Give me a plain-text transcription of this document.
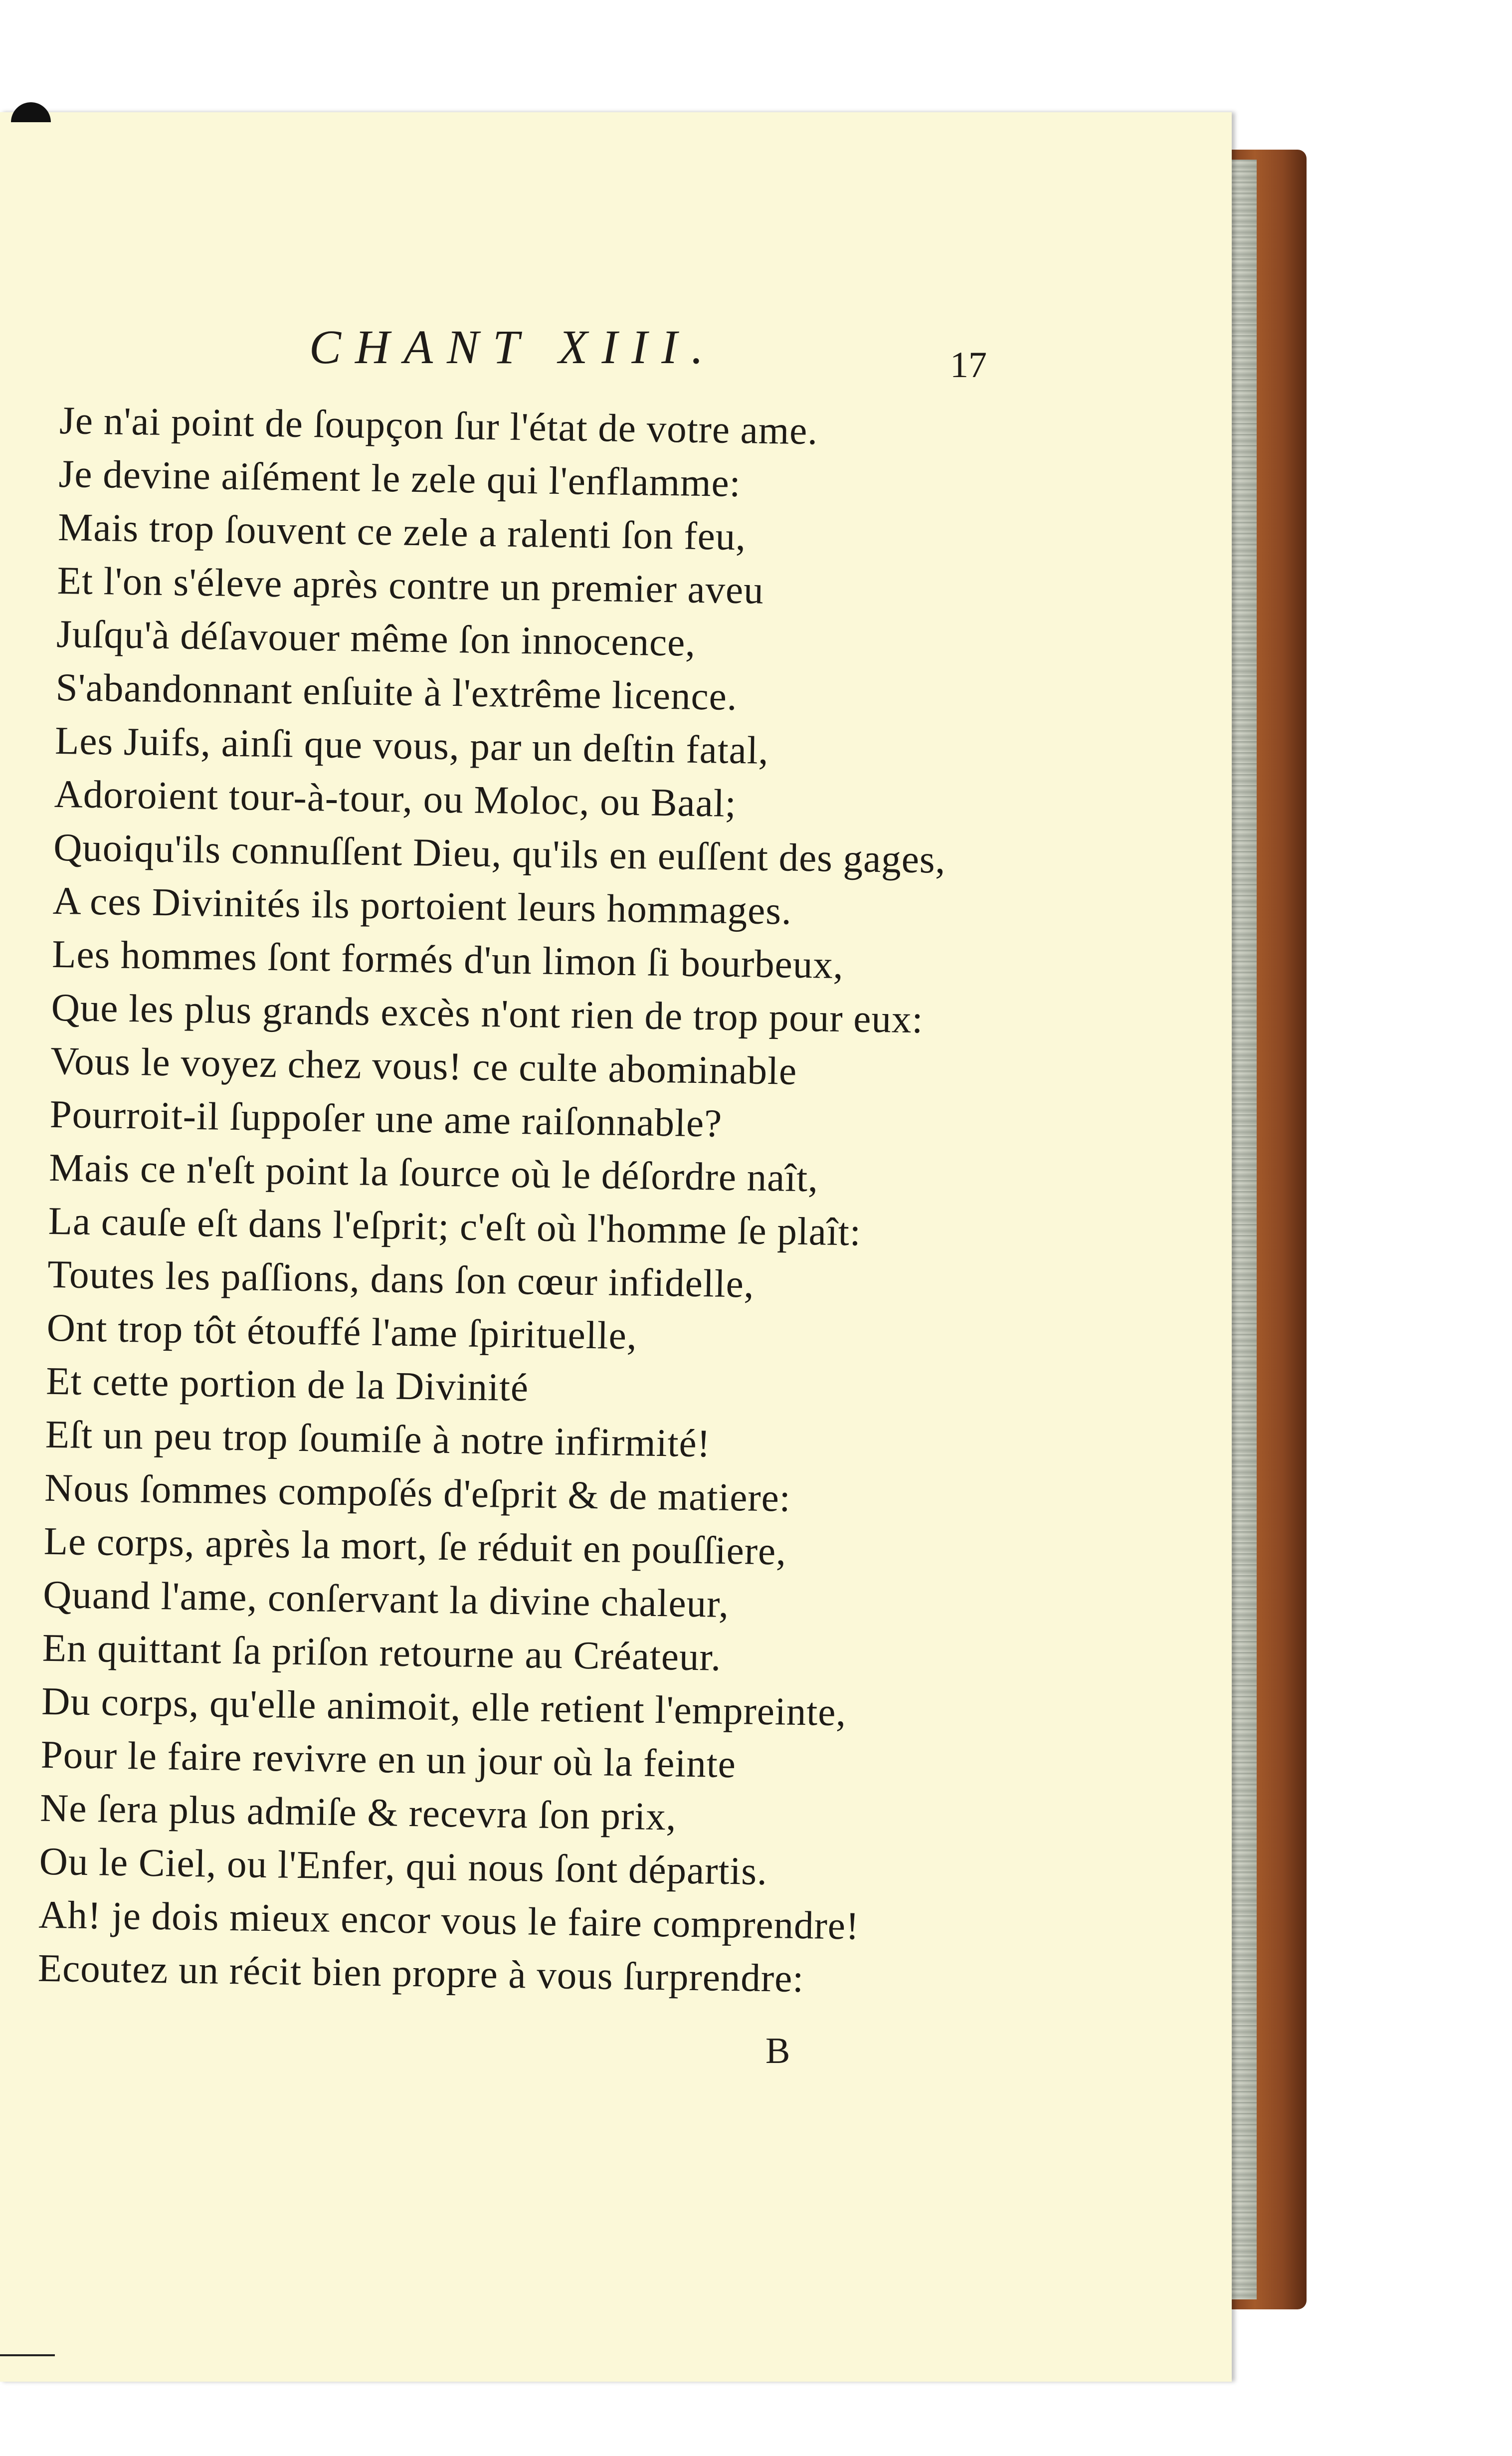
CHANT XIII.	17
Je n'ai point de ſoupçon ſur l'état de votre ame.
Je devine aiſément le zele qui l'enflamme:
Mais trop ſouvent ce zele a ralenti ſon feu,
Et l'on s'éleve après contre un premier aveu
Juſqu'à déſavouer même ſon innocence,
S'abandonnant enſuite à l'extrême licence.
Les Juifs, ainſi que vous, par un deſtin fatal,
Adoroient tour-à-tour, ou Moloc, ou Baal;
Quoiqu'ils connuſſent Dieu, qu'ils en euſſent des gages,
A ces Divinités ils portoient leurs hommages.
Les hommes ſont formés d'un limon ſi bourbeux,
Que les plus grands excès n'ont rien de trop pour eux:
Vous le voyez chez vous! ce culte abominable
Pourroit-il ſuppoſer une ame raiſonnable?
Mais ce n'eſt point la ſource où le déſordre naît,
La cauſe eſt dans l'eſprit; c'eſt où l'homme ſe plaît:
Toutes les paſſions, dans ſon cœur infidelle,
Ont trop tôt étouffé l'ame ſpirituelle,
Et cette portion de la Divinité
Eſt un peu trop ſoumiſe à notre infirmité!
Nous ſommes compoſés d'eſprit & de matiere:
Le corps, après la mort, ſe réduit en pouſſiere,
Quand l'ame, conſervant la divine chaleur,
En quittant ſa priſon retourne au Créateur.
Du corps, qu'elle animoit, elle retient l'empreinte,
Pour le faire revivre en un jour où la feinte
Ne ſera plus admiſe & recevra ſon prix,
Ou le Ciel, ou l'Enfer, qui nous ſont départis.
Ah! je dois mieux encor vous le faire comprendre!
Ecoutez un récit bien propre à vous ſurprendre:
B
